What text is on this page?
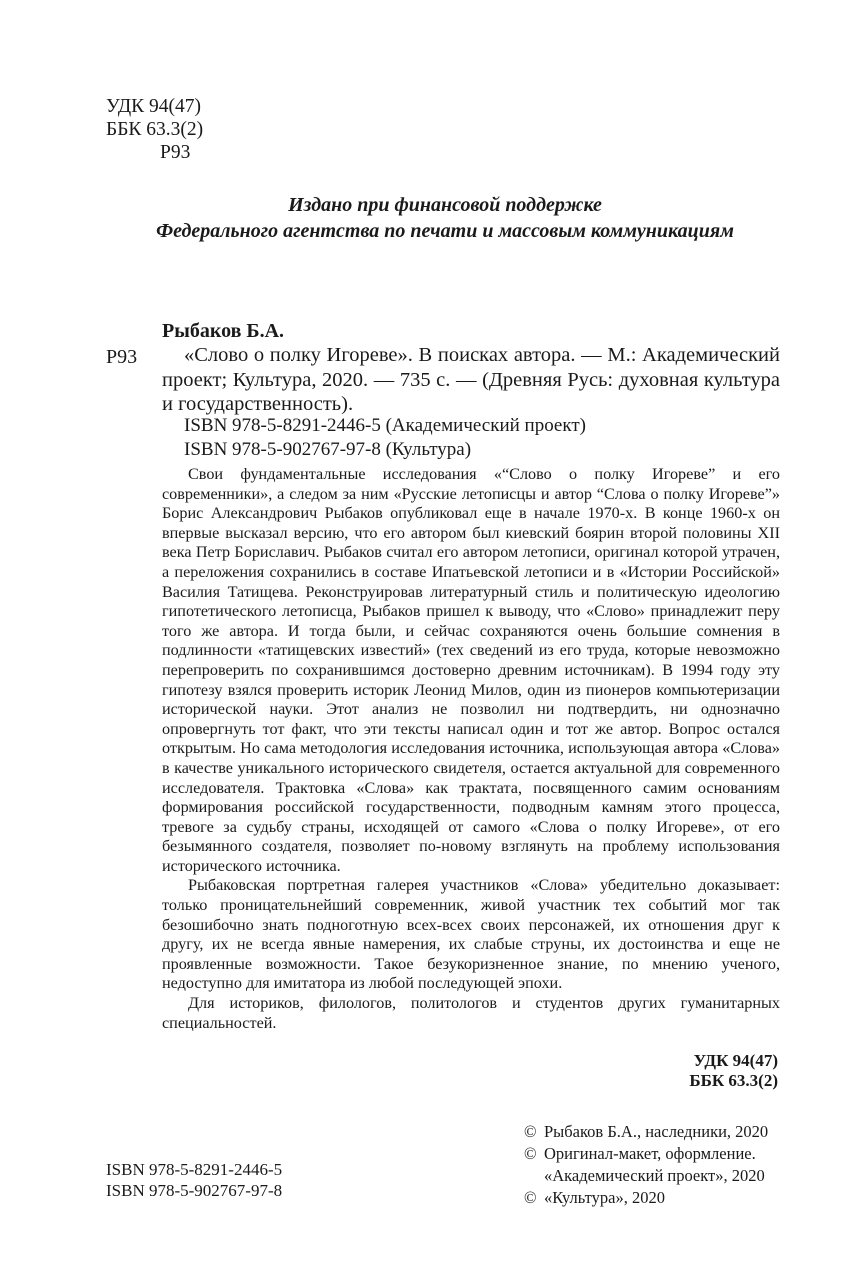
УДК 94(47)
ББК 63.3(2)
Р93
Издано при финансовой поддержке
Федерального агентства по печати и массовым коммуникациям
Рыбаков Б.А.
Р93	«Слово о полку Игореве». В поисках автора. — М.: Академический проект; Культура, 2020. — 735 с. — (Древняя Русь: духовная культура и государственность).
ISBN 978-5-8291-2446-5 (Академический проект)
ISBN 978-5-902767-97-8 (Культура)

Свои фундаментальные исследования «“Слово о полку Игореве” и его современники», а следом за ним «Русские летописцы и автор “Слова о полку Игореве”» Борис Александрович Рыбаков опубликовал еще в начале 1970-х. В конце 1960-х он впервые высказал версию, что его автором был киевский боярин второй половины XII века Петр Бориславич. Рыбаков считал его автором летописи, оригинал которой утрачен, а переложения сохранились в составе Ипатьевской летописи и в «Истории Российской» Василия Татищева. Реконструировав литературный стиль и политическую идеологию гипотетического летописца, Рыбаков пришел к выводу, что «Слово» принадлежит перу того же автора. И тогда были, и сейчас сохраняются очень большие сомнения в подлинности «татищевских известий» (тех сведений из его труда, которые невозможно перепроверить по сохранившимся достоверно древним источникам). В 1994 году эту гипотезу взялся проверить историк Леонид Милов, один из пионеров компьютеризации исторической науки. Этот анализ не позволил ни подтвердить, ни однозначно опровергнуть тот факт, что эти тексты написал один и тот же автор. Вопрос остался открытым. Но сама методология исследования источника, использующая автора «Слова» в качестве уникального исторического свидетеля, остается актуальной для современного исследователя. Трактовка «Слова» как трактата, посвященного самим основаниям формирования российской государственности, подводным камням этого процесса, тревоге за судьбу страны, исходящей от самого «Слова о полку Игореве», от его безымянного создателя, позволяет по-новому взглянуть на проблему использования исторического источника.

Рыбаковская портретная галерея участников «Слова» убедительно доказывает: только проницательнейший современник, живой участник тех событий мог так безошибочно знать подноготную всех-всех своих персонажей, их отношения друг к другу, их не всегда явные намерения, их слабые струны, их достоинства и еще не проявленные возможности. Такое безукоризненное знание, по мнению ученого, недоступно для имитатора из любой последующей эпохи.

Для историков, филологов, политологов и студентов других гуманитарных специальностей.

УДК 94(47)
ББК 63.3(2)
ISBN 978-5-8291-2446-5
ISBN 978-5-902767-97-8
© Рыбаков Б.А., наследники, 2020
© Оригинал-макет, оформление.
«Академический проект», 2020
© «Культура», 2020
